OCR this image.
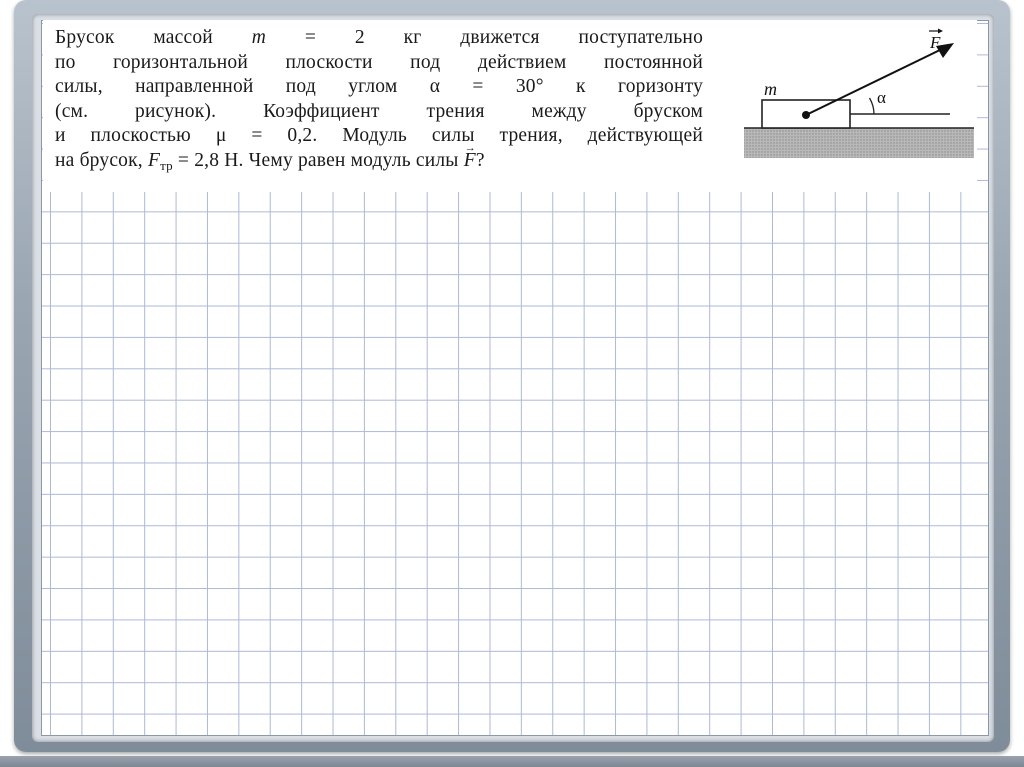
Брусок массой m = 2 кг движется поступательно
по горизонтальной плоскости под действием постоянной
силы, направленной под углом α = 30° к горизонту
(см. рисунок). Коэффициент трения между бруском
и плоскостью μ = 0,2. Модуль силы трения, действующей
на брусок, $F_{тр} = 2,8$ Н. Чему равен модуль силы → F?
m	α
F
